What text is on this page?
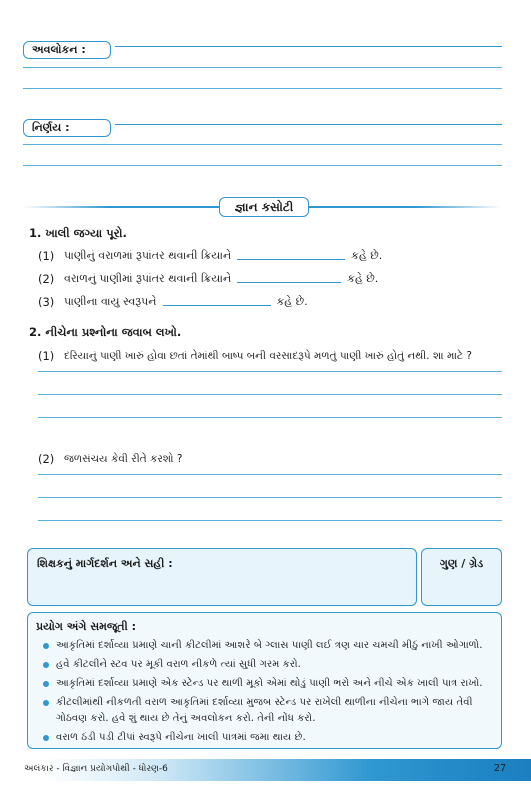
અવલોકન :
નિર્ણય :
જ્ઞાન કસોટી
1. ખાલી જગ્યા પૂરો.
(1) પાણીનું વરાળમાં રૂપાંતર થવાની ક્રિયાને	કહે છે.
(2) વરાળનું પાણીમાં રૂપાંતર થવાની ક્રિયાને	કહે છે.
(3) પાણીના વાયુ સ્વરૂપને	કહે છે.
2. નીચેના પ્રશ્નોના જવાબ લખો.
(1) દરિયાનું પાણી ખારું હોવા છતાં તેમાંથી બાષ્પ બની વરસાદરૂપે મળતું પાણી ખારું હોતું નથી. શા માટે ?
(2) જળસંચય કેવી રીતે કરશો ?
શિક્ષકનું માર્ગદર્શન અને સહી :	ગુણ / ગ્રેડ
પ્રયોગ અંગે સમજૂતી :
આકૃતિમાં દર્શાવ્યા પ્રમાણે ચાની કીટલીમાં આશરે બે ગ્લાસ પાણી લઈ ત્રણ ચાર ચમચી મીઠું નાખી ઓગાળો.
હવે કીટલીને સ્ટવ પર મૂકી વરાળ નીકળે ત્યાં સુધી ગરમ કરો.
આકૃતિમાં દર્શાવ્યા પ્રમાણે એક સ્ટેન્ડ પર થાળી મૂકો એમાં થોડું પાણી ભરો અને નીચે એક ખાલી પાત્ર રાખો.
કીટલીમાંથી નીકળતી વરાળ આકૃતિમાં દર્શાવ્યા મુજબ સ્ટેન્ડ પર રાખેલી થાળીના નીચેના ભાગે જાય તેવી ગોઠવણ કરો. હવે શું થાય છે તેનું અવલોકન કરો. તેની નોંધ કરો.
વરાળ ઠંડી પડી ટીપાં સ્વરૂપે નીચેના ખાલી પાત્રમાં જમા થાય છે.
અલંકાર - વિજ્ઞાન પ્રયોગપોથી - ધોરણ-6	27
